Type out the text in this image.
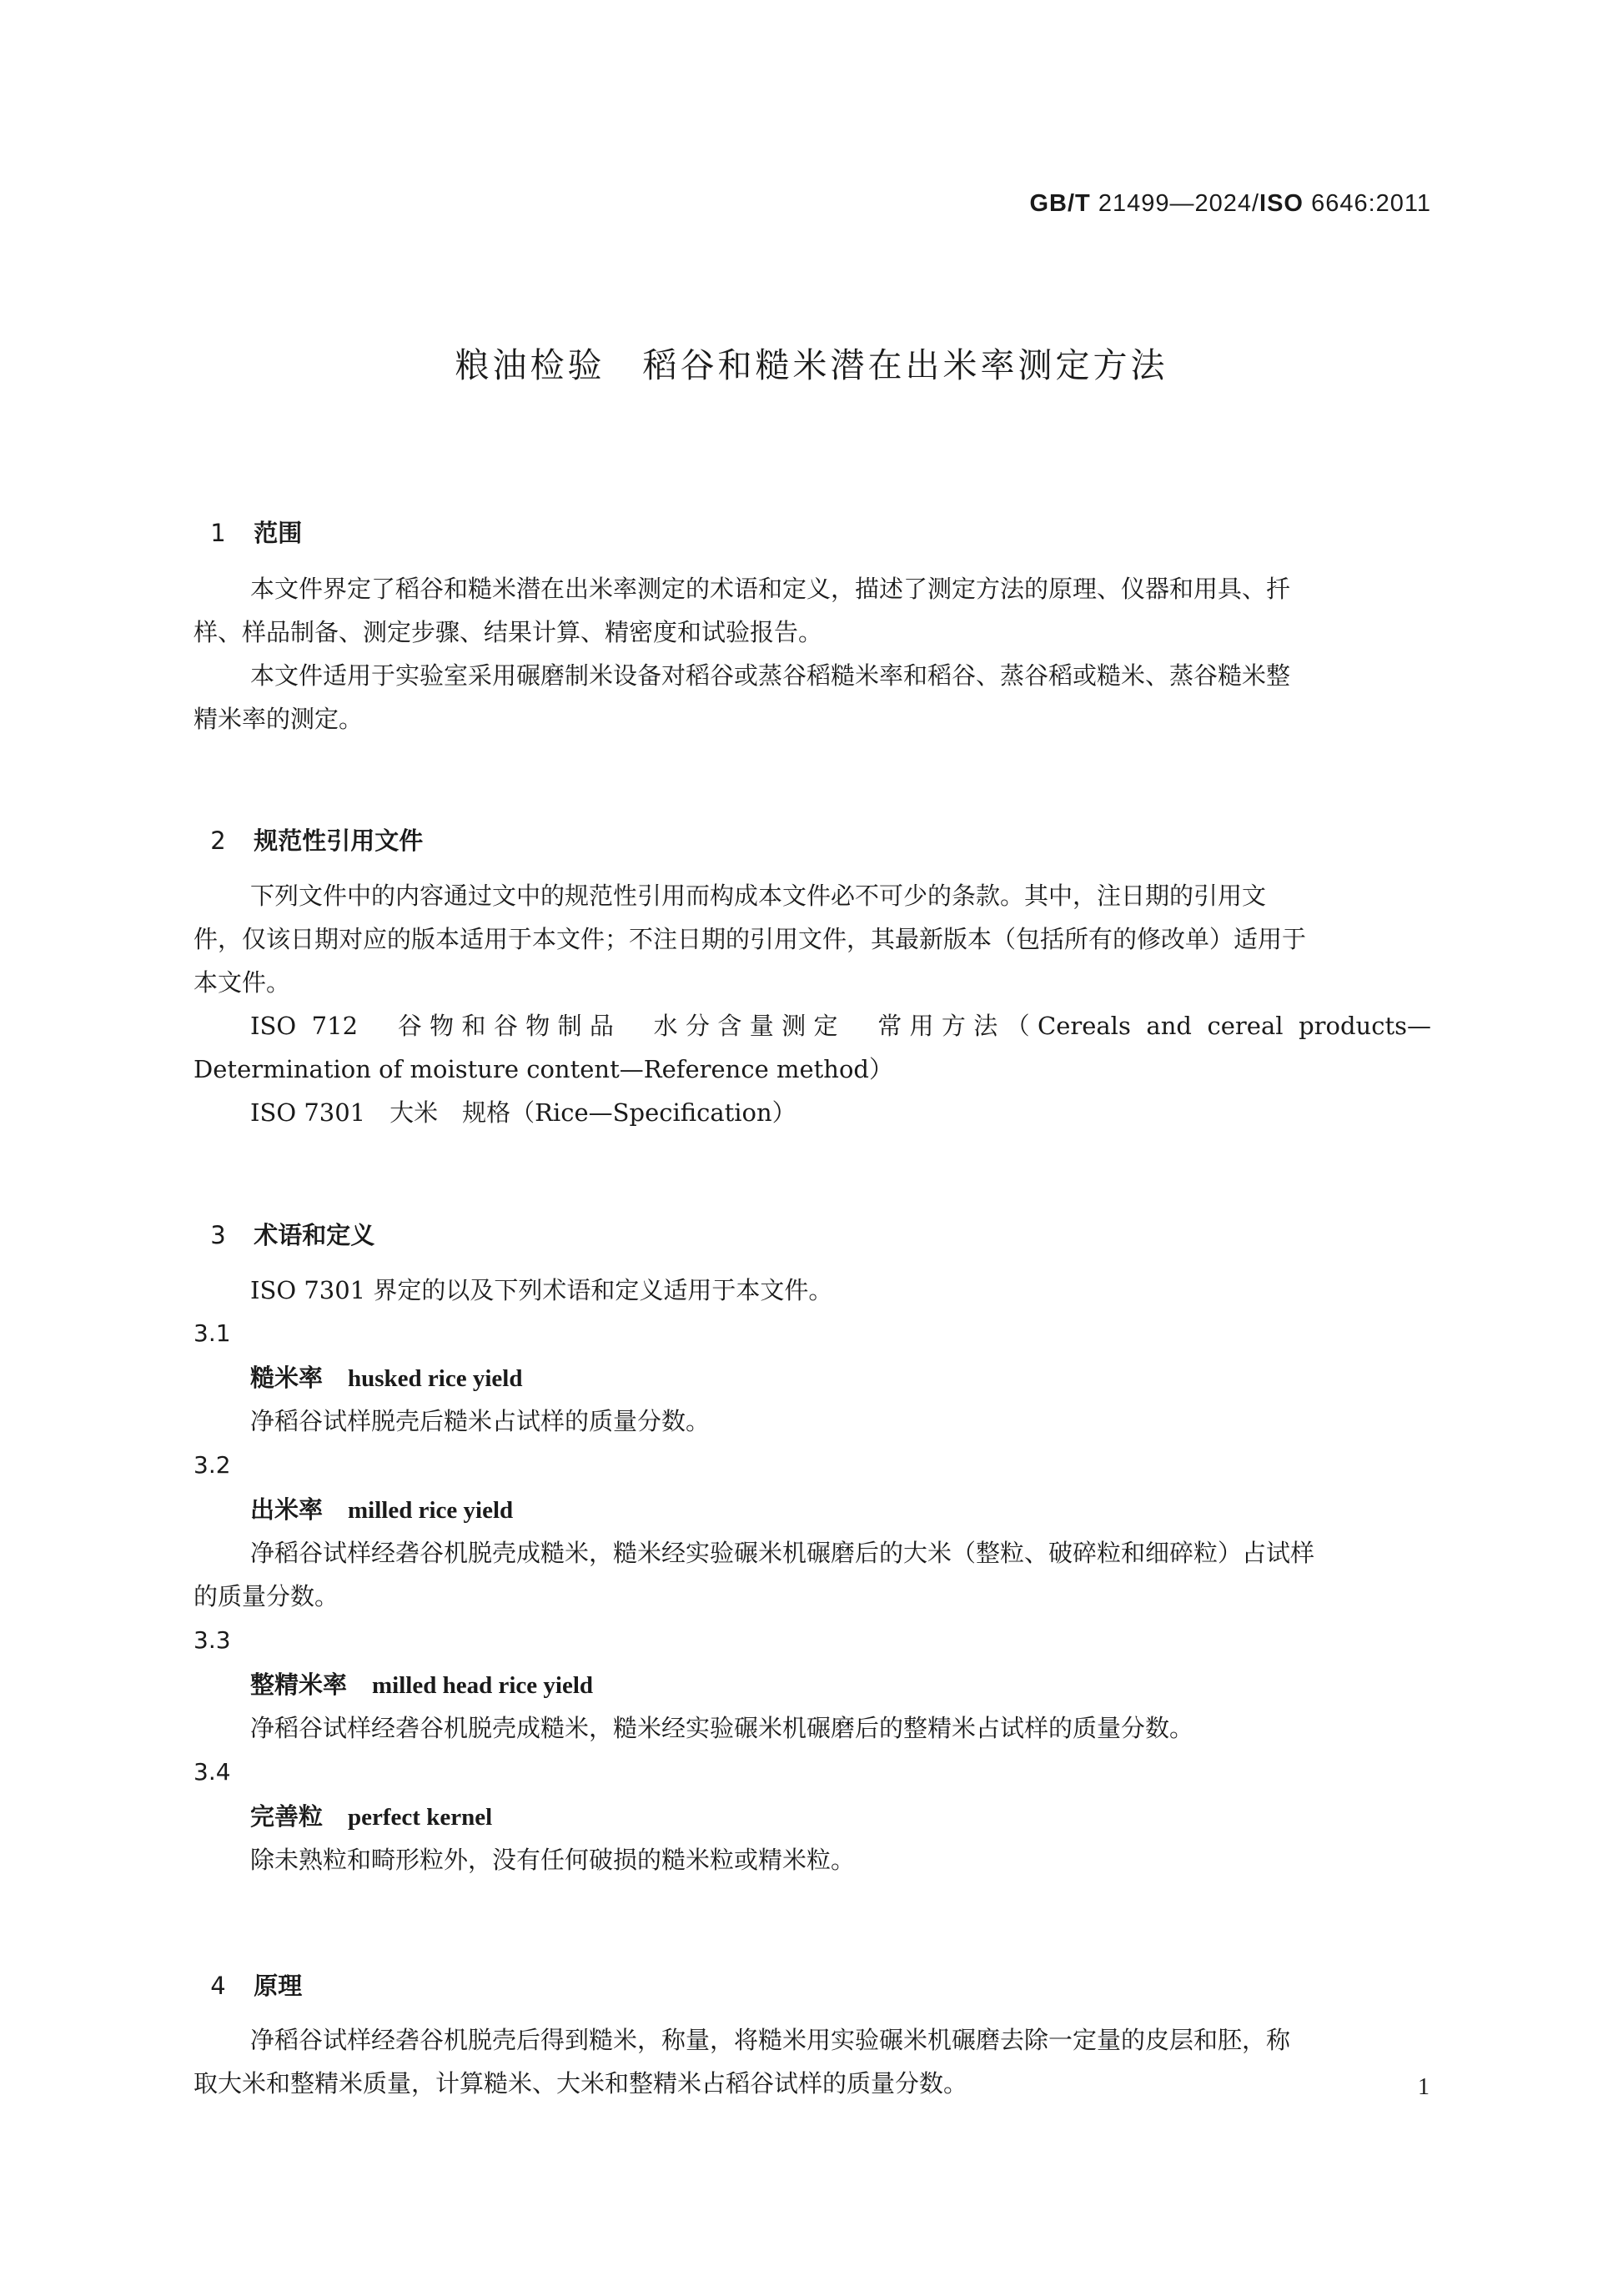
GB/T 21499—2024/ISO 6646:2011
粮油检验　稻谷和糙米潜在出米率测定方法

1 范围

本文件界定了稻谷和糙米潜在出米率测定的术语和定义，描述了测定方法的原理、仪器和用具、扦
样、样品制备、测定步骤、结果计算、精密度和试验报告。
本文件适用于实验室采用碾磨制米设备对稻谷或蒸谷稻糙米率和稻谷、蒸谷稻或糙米、蒸谷糙米整
精米率的测定。

2 规范性引用文件

下列文件中的内容通过文中的规范性引用而构成本文件必不可少的条款。其中，注日期的引用文
件，仅该日期对应的版本适用于本文件；不注日期的引用文件，其最新版本（包括所有的修改单）适用于
本文件。
ISO 712　谷物和谷物制品　水分含量测定　常用方法（Cereals and cereal products—
Determination of moisture content—Reference method）
ISO 7301　大米　规格（Rice—Specification）

3 术语和定义

ISO 7301 界定的以及下列术语和定义适用于本文件。
3.1
糙米率 husked rice yield
净稻谷试样脱壳后糙米占试样的质量分数。
3.2
出米率 milled rice yield
净稻谷试样经砻谷机脱壳成糙米，糙米经实验碾米机碾磨后的大米（整粒、破碎粒和细碎粒）占试样
的质量分数。
3.3
整精米率 milled head rice yield
净稻谷试样经砻谷机脱壳成糙米，糙米经实验碾米机碾磨后的整精米占试样的质量分数。
3.4
完善粒 perfect kernel
除未熟粒和畸形粒外，没有任何破损的糙米粒或精米粒。

4 原理

净稻谷试样经砻谷机脱壳后得到糙米，称量，将糙米用实验碾米机碾磨去除一定量的皮层和胚，称
取大米和整精米质量，计算糙米、大米和整精米占稻谷试样的质量分数。	1
